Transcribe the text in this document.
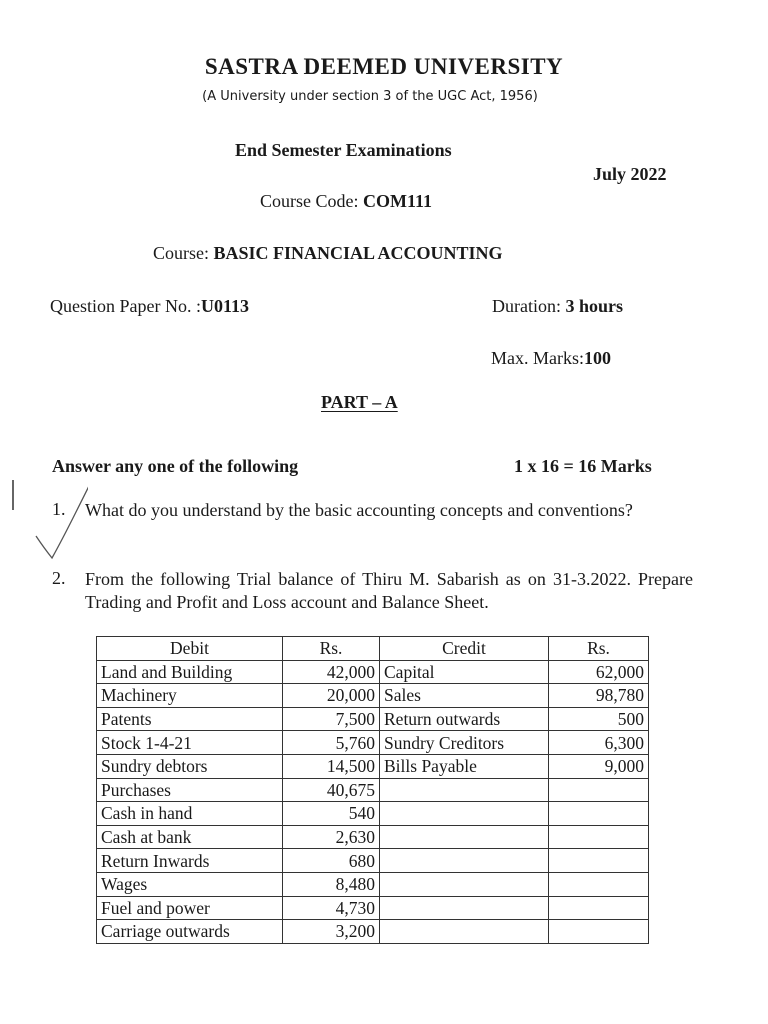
SASTRA DEEMED UNIVERSITY
(A University under section 3 of the UGC Act, 1956)
End Semester Examinations
July 2022
Course Code: COM111
Course: BASIC FINANCIAL ACCOUNTING
Question Paper No. :U0113	Duration: 3 hours
Max. Marks:100
PART – A
Answer any one of the following	1 x 16 = 16 Marks
1. What do you understand by the basic accounting concepts and conventions?
2. From the following Trial balance of Thiru M. Sabarish as on 31-3.2022. Prepare Trading and Profit and Loss account and Balance Sheet.
Debit	Rs.	Credit	Rs.
Land and Building	42,000	Capital	62,000
Machinery	20,000	Sales	98,780
Patents	7,500	Return outwards	500
Stock 1-4-21	5,760	Sundry Creditors	6,300
Sundry debtors	14,500	Bills Payable	9,000
Purchases	40,675		
Cash in hand	540		
Cash at bank	2,630		
Return Inwards	680		
Wages	8,480		
Fuel and power	4,730		
Carriage outwards	3,200		
